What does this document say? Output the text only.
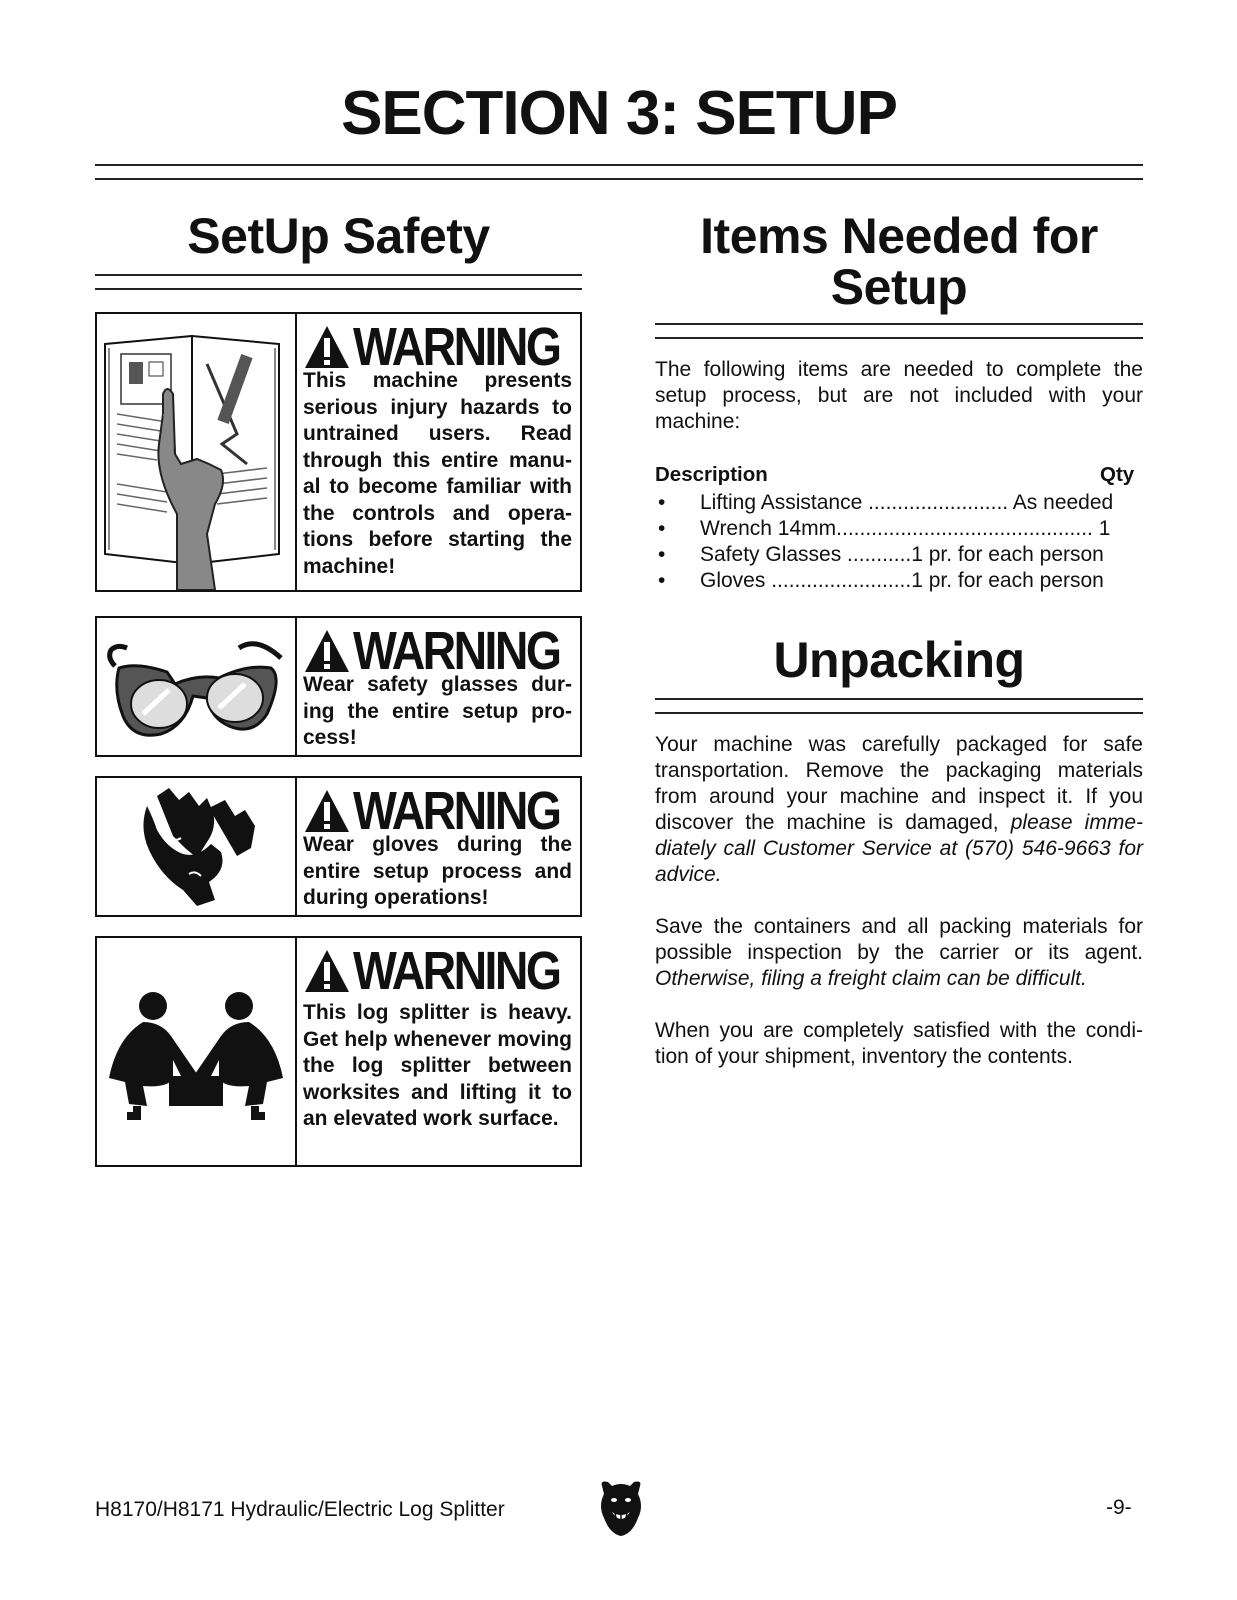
SECTION 3: SETUP
SetUp Safety
WARNING
This machine presents serious injury hazards to untrained users. Read through this entire manu-al to become familiar with the controls and opera-tions before starting the machine!
WARNING
Wear safety glasses dur-ing the entire setup pro-cess!
WARNING
Wear gloves during the entire setup process and during operations!
WARNING
This log splitter is heavy. Get help whenever moving the log splitter between worksites and lifting it to an elevated work surface.
Items Needed for
Setup
The following items are needed to complete the setup process, but are not included with your machine:
Description	Qty
• Lifting Assistance ........................ As needed
• Wrench 14mm............................................ 1
• Safety Glasses ...........1 pr. for each person
• Gloves ........................1 pr. for each person
Unpacking
Your machine was carefully packaged for safe transportation. Remove the packaging materials from around your machine and inspect it. If you discover the machine is damaged, please imme-diately call Customer Service at (570) 546-9663 for advice.
Save the containers and all packing materials for possible inspection by the carrier or its agent. Otherwise, filing a freight claim can be difficult.
When you are completely satisfied with the condi-tion of your shipment, inventory the contents.
H8170/H8171 Hydraulic/Electric Log Splitter	-9-
